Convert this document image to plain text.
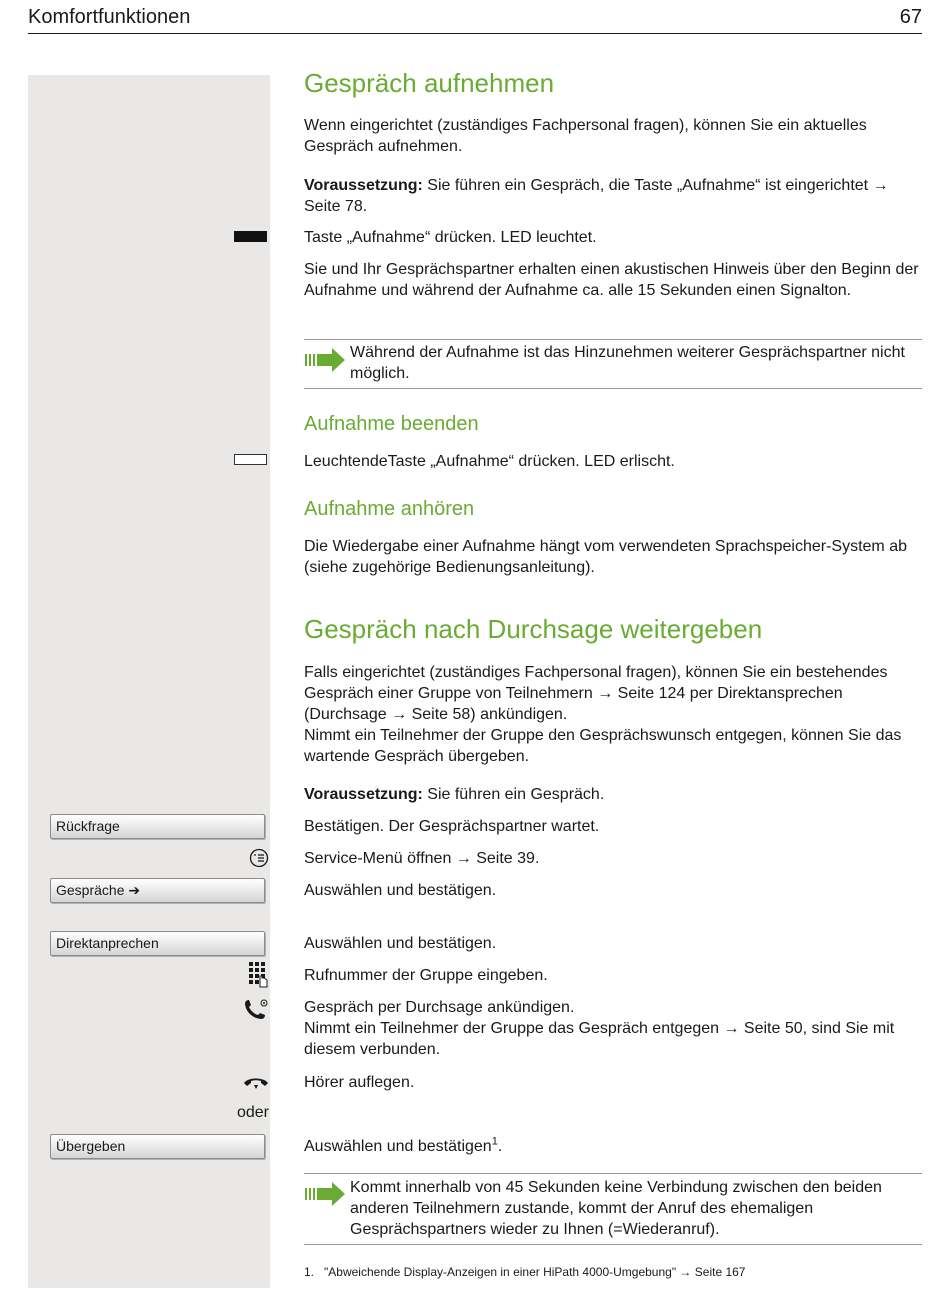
Komfortfunktionen	67
Gespräch aufnehmen
Wenn eingerichtet (zuständiges Fachpersonal fragen), können Sie ein aktuelles Gespräch aufnehmen.
Voraussetzung: Sie führen ein Gespräch, die Taste „Aufnahme“ ist eingerichtet → Seite 78.
Taste „Aufnahme“ drücken. LED leuchtet.
Sie und Ihr Gesprächspartner erhalten einen akustischen Hinweis über den Beginn der Aufnahme und während der Aufnahme ca. alle 15 Sekunden einen Signalton.
Während der Aufnahme ist das Hinzunehmen weiterer Gesprächspartner nicht möglich.
Aufnahme beenden
LeuchtendeTaste „Aufnahme“ drücken. LED erlischt.
Aufnahme anhören
Die Wiedergabe einer Aufnahme hängt vom verwendeten Sprachspeicher-System ab (siehe zugehörige Bedienungsanleitung).
Gespräch nach Durchsage weitergeben
Falls eingerichtet (zuständiges Fachpersonal fragen), können Sie ein bestehendes Gespräch einer Gruppe von Teilnehmern → Seite 124 per Direktansprechen (Durchsage → Seite 58) ankündigen.
Nimmt ein Teilnehmer der Gruppe den Gesprächswunsch entgegen, können Sie das wartende Gespräch übergeben.
Voraussetzung: Sie führen ein Gespräch.
Rückfrage	Bestätigen. Der Gesprächspartner wartet.
Service-Menü öffnen → Seite 39.
Gespräche ➔	Auswählen und bestätigen.
Direktanprechen	Auswählen und bestätigen.
Rufnummer der Gruppe eingeben.
Gespräch per Durchsage ankündigen.
Nimmt ein Teilnehmer der Gruppe das Gespräch entgegen → Seite 50, sind Sie mit diesem verbunden.
Hörer auflegen.
oder
Übergeben	Auswählen und bestätigen$^1$.
Kommt innerhalb von 45 Sekunden keine Verbindung zwischen den beiden anderen Teilnehmern zustande, kommt der Anruf des ehemaligen Gesprächspartners wieder zu Ihnen (=Wiederanruf).
1. "Abweichende Display-Anzeigen in einer HiPath 4000-Umgebung" → Seite 167
